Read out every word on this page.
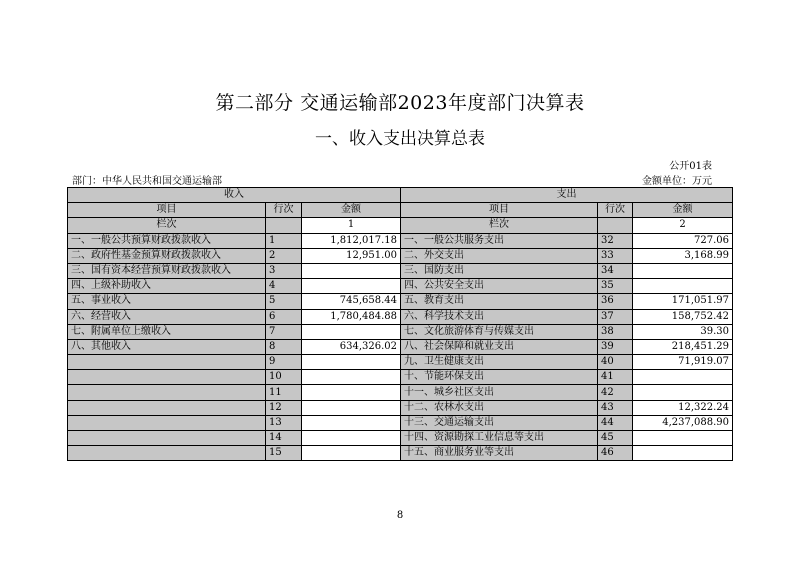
第二部分 交通运输部2023年度部门决算表
一、收入支出决算总表
公开01表
部门：中华人民共和国交通运输部	金额单位：万元
收入			支出		
项目	行次	金额	项目	行次	金额
栏次		1	栏次		2
一、一般公共预算财政拨款收入	1	1,812,017.18	一、一般公共服务支出	32	727.06
二、政府性基金预算财政拨款收入	2	12,951.00	二、外交支出	33	3,168.99
三、国有资本经营预算财政拨款收入	3		三、国防支出	34	
四、上级补助收入	4		四、公共安全支出	35	
五、事业收入	5	745,658.44	五、教育支出	36	171,051.97
六、经营收入	6	1,780,484.88	六、科学技术支出	37	158,752.42
七、附属单位上缴收入	7		七、文化旅游体育与传媒支出	38	39.30
八、其他收入	8	634,326.02	八、社会保障和就业支出	39	218,451.29
	9		九、卫生健康支出	40	71,919.07
	10		十、节能环保支出	41	
	11		十一、城乡社区支出	42	
	12		十二、农林水支出	43	12,322.24
	13		十三、交通运输支出	44	4,237,088.90
	14		十四、资源勘探工业信息等支出	45	
	15		十五、商业服务业等支出	46	
8
